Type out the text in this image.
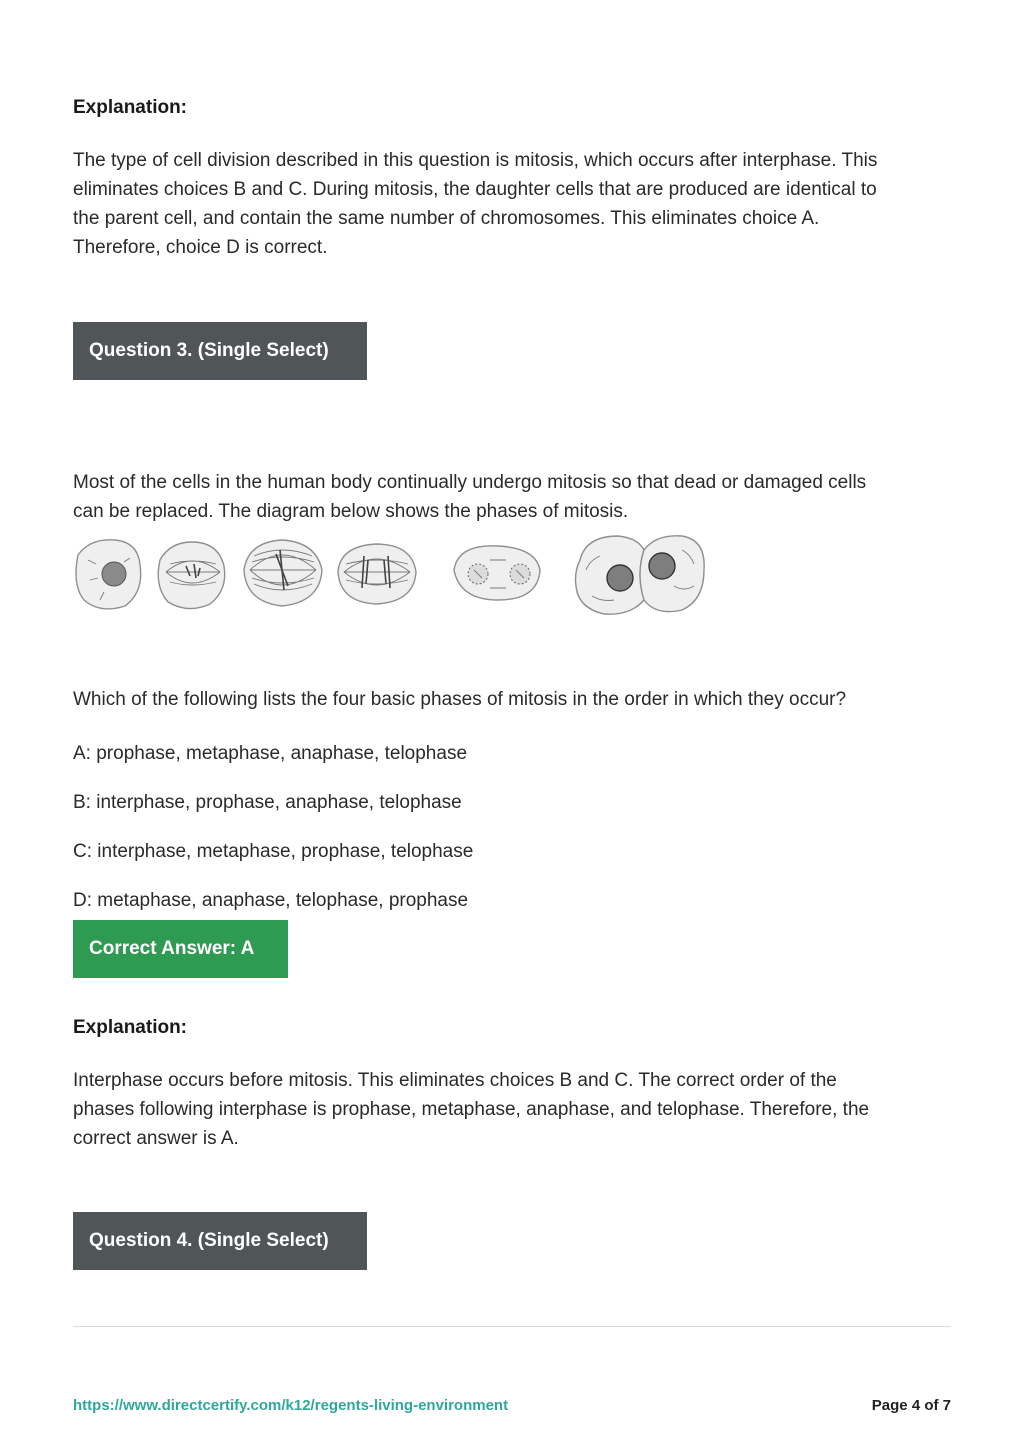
Explanation:
The type of cell division described in this question is mitosis, which occurs after interphase. This
eliminates choices B and C. During mitosis, the daughter cells that are produced are identical to
the parent cell, and contain the same number of chromosomes. This eliminates choice A.
Therefore, choice D is correct.
Question 3. (Single Select)
Most of the cells in the human body continually undergo mitosis so that dead or damaged cells
can be replaced. The diagram below shows the phases of mitosis.
Which of the following lists the four basic phases of mitosis in the order in which they occur?
A: prophase, metaphase, anaphase, telophase
B: interphase, prophase, anaphase, telophase
C: interphase, metaphase, prophase, telophase
D: metaphase, anaphase, telophase, prophase
Correct Answer: A
Explanation:
Interphase occurs before mitosis. This eliminates choices B and C. The correct order of the
phases following interphase is prophase, metaphase, anaphase, and telophase. Therefore, the
correct answer is A.
Question 4. (Single Select)
https://www.directcertify.com/k12/regents-living-environment	Page 4 of 7
